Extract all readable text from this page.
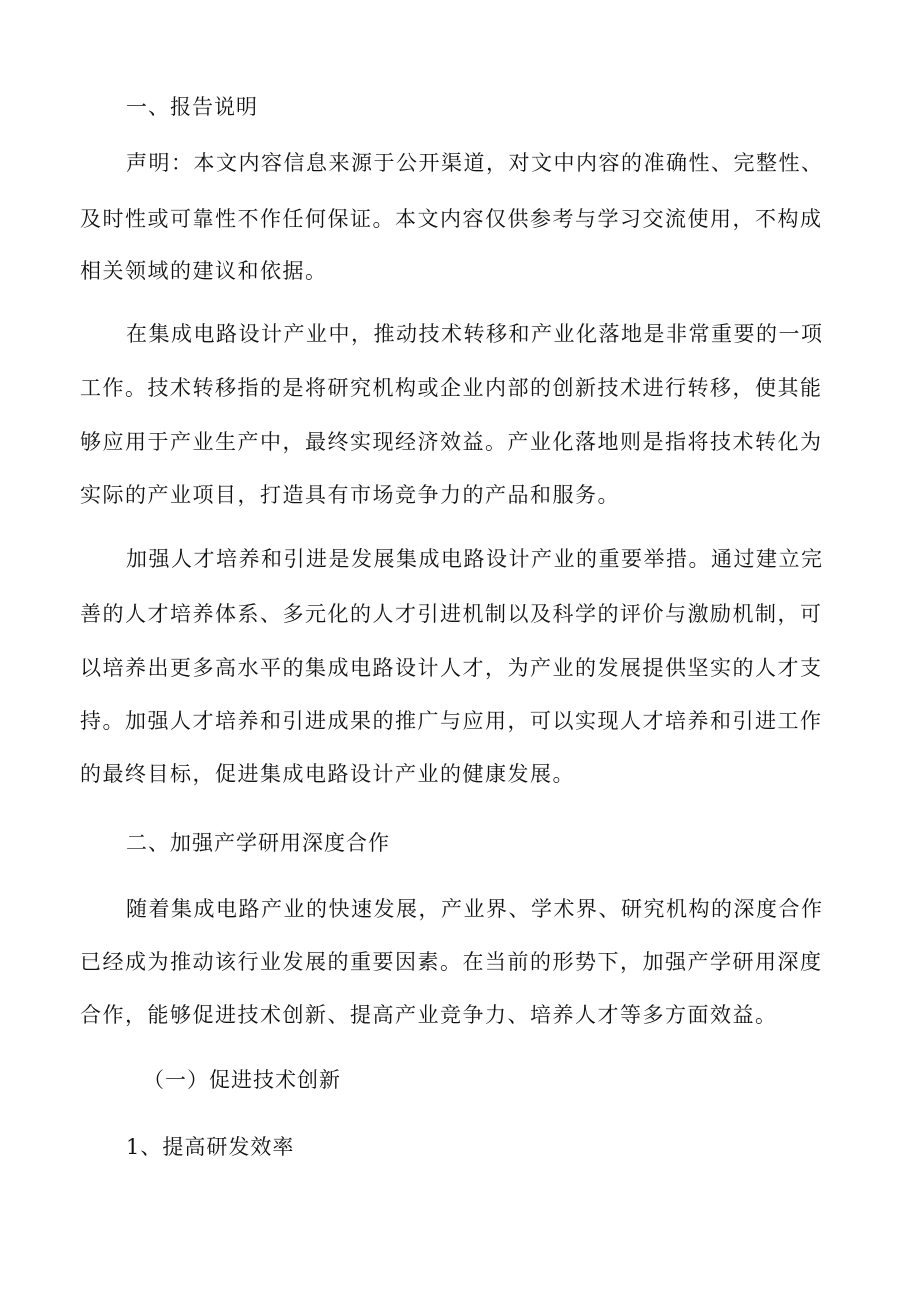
一、报告说明
声明：本文内容信息来源于公开渠道，对文中内容的准确性、完整性、
及时性或可靠性不作任何保证。本文内容仅供参考与学习交流使用，不构成
相关领域的建议和依据。
在集成电路设计产业中，推动技术转移和产业化落地是非常重要的一项
工作。技术转移指的是将研究机构或企业内部的创新技术进行转移，使其能
够应用于产业生产中，最终实现经济效益。产业化落地则是指将技术转化为
实际的产业项目，打造具有市场竞争力的产品和服务。
加强人才培养和引进是发展集成电路设计产业的重要举措。通过建立完
善的人才培养体系、多元化的人才引进机制以及科学的评价与激励机制，可
以培养出更多高水平的集成电路设计人才，为产业的发展提供坚实的人才支
持。加强人才培养和引进成果的推广与应用，可以实现人才培养和引进工作
的最终目标，促进集成电路设计产业的健康发展。
二、加强产学研用深度合作
随着集成电路产业的快速发展，产业界、学术界、研究机构的深度合作
已经成为推动该行业发展的重要因素。在当前的形势下，加强产学研用深度
合作，能够促进技术创新、提高产业竞争力、培养人才等多方面效益。
（一）促进技术创新
1、提高研发效率
